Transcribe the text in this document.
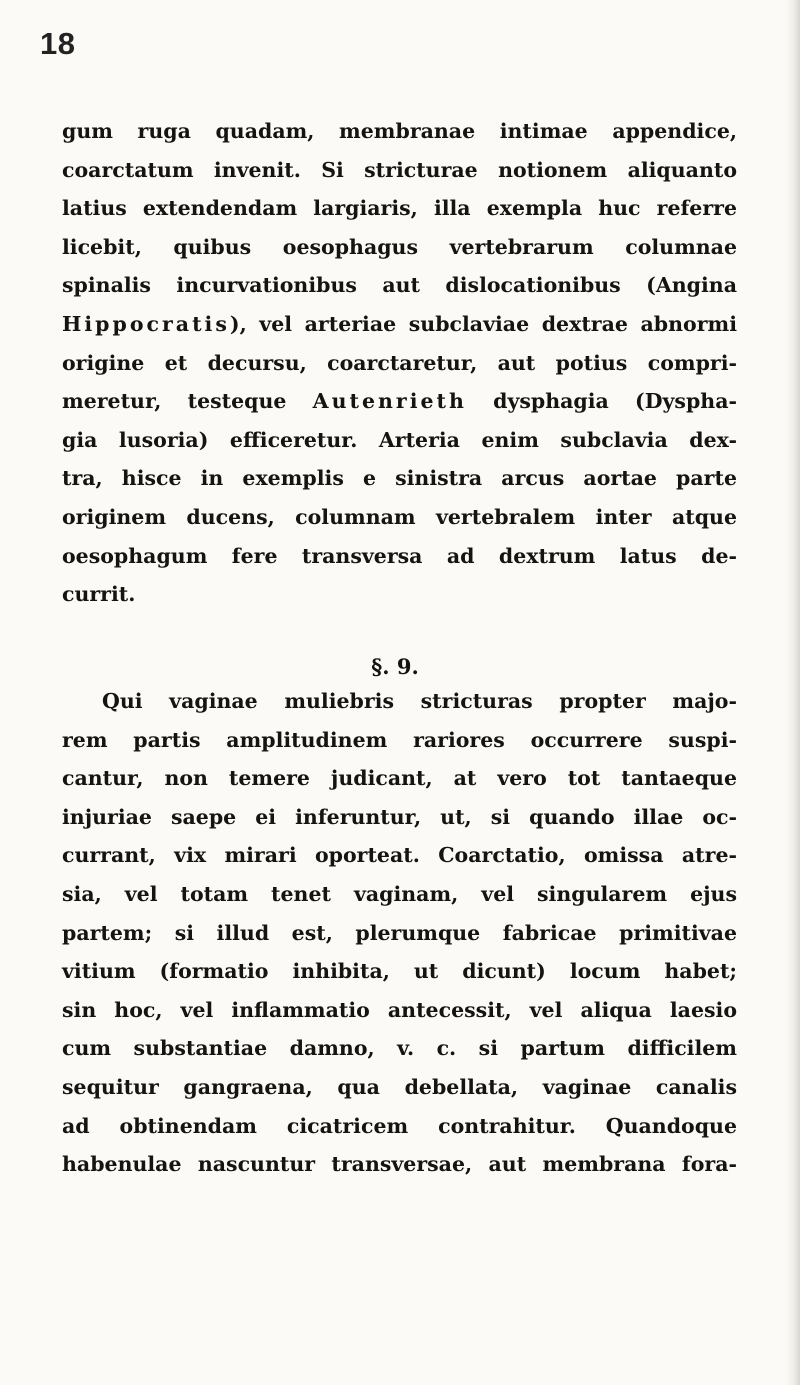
18
gum ruga quadam, membranae intimae appendice,
coarctatum invenit. Si stricturae notionem aliquanto
latius extendendam largiaris, illa exempla huc referre
licebit, quibus oesophagus vertebrarum columnae
spinalis incurvationibus aut dislocationibus (Angina
Hippocratis), vel arteriae subclaviae dextrae abnormi
origine et decursu, coarctaretur, aut potius compri-
meretur, testeque Autenrieth dysphagia (Dyspha-
gia lusoria) efficeretur. Arteria enim subclavia dex-
tra, hisce in exemplis e sinistra arcus aortae parte
originem ducens, columnam vertebralem inter atque
oesophagum fere transversa ad dextrum latus de-
currit.
§. 9.
Qui vaginae muliebris stricturas propter majo-
rem partis amplitudinem rariores occurrere suspi-
cantur, non temere judicant, at vero tot tantaeque
injuriae saepe ei inferuntur, ut, si quando illae oc-
currant, vix mirari oporteat. Coarctatio, omissa atre-
sia, vel totam tenet vaginam, vel singularem ejus
partem; si illud est, plerumque fabricae primitivae
vitium (formatio inhibita, ut dicunt) locum habet;
sin hoc, vel inflammatio antecessit, vel aliqua laesio
cum substantiae damno, v. c. si partum difficilem
sequitur gangraena, qua debellata, vaginae canalis
ad obtinendam cicatricem contrahitur. Quandoque
habenulae nascuntur transversae, aut membrana fora-
